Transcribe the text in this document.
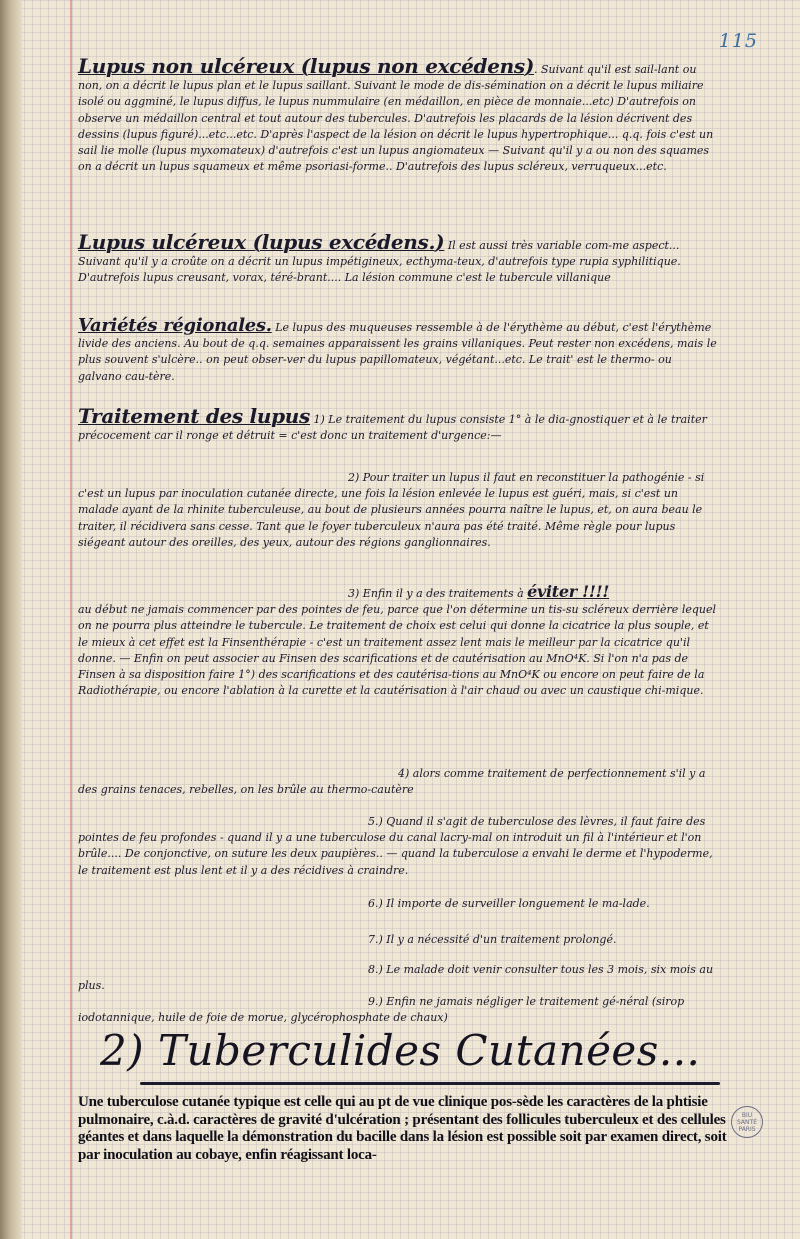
115

Lupus non ulcéreux (lupus non excédens). Suivant qu'il est sail-lant ou non, on a décrit le lupus plan et le lupus saillant. Suivant le mode de dis-sémination on a décrit le lupus miliaire isolé ou aggminé, le lupus diffus, le lupus nummulaire (en médaillon, en pièce de monnaie...etc) D'autrefois on observe un médaillon central et tout autour des tubercules. D'autrefois les placards de la lésion décrivent des dessins (lupus figuré)...etc...etc. D'après l'aspect de la lésion on décrit le lupus hypertrophique... q.q. fois c'est un sail lie molle (lupus myxomateux) d'autrefois c'est un lupus angiomateux — Suivant qu'il y a ou non des squames on a décrit un lupus squameux et même psoriasi-forme.. D'autrefois des lupus scléreux, verruqueux...etc.

Lupus ulcéreux (lupus excédens.) Il est aussi très variable com-me aspect... Suivant qu'il y a croûte on a décrit un lupus impétigineux, ecthyma-teux, d'autrefois type rupia syphilitique. D'autrefois lupus creusant, vorax, téré-brant.... La lésion commune c'est le tubercule villanique

Variétés régionales. Le lupus des muqueuses ressemble à de l'érythème au début, c'est l'érythème livide des anciens. Au bout de q.q. semaines apparaissent les grains villaniques. Peut rester non excédens, mais le plus souvent s'ulcère.. on peut obser-ver du lupus papillomateux, végétant...etc. Le trait' est le thermo- ou galvano cau-tère.

Traitement des lupus 1) Le traitement du lupus consiste 1° à le dia-gnostiquer et à le traiter précocement car il ronge et détruit = c'est donc un traitement d'urgence:—

2) Pour traiter un lupus il faut en reconstituer la pathogénie - si c'est un lupus par inoculation cutanée directe, une fois la lésion enlevée le lupus est guéri, mais, si c'est un malade ayant de la rhinite tuberculeuse, au bout de plusieurs années pourra naître le lupus, et, on aura beau le traiter, il récidivera sans cesse. Tant que le foyer tuberculeux n'aura pas été traité. Même règle pour lupus siégeant autour des oreilles, des yeux, autour des régions ganglionnaires.

3) Enfin il y a des traitements à éviter !!!!
au début ne jamais commencer par des pointes de feu, parce que l'on détermine un tis-su scléreux derrière lequel on ne pourra plus atteindre le tubercule. Le traitement de choix est celui qui donne la cicatrice la plus souple, et le mieux à cet effet est la Finsenthérapie - c'est un traitement assez lent mais le meilleur par la cicatrice qu'il donne. — Enfin on peut associer au Finsen des scarifications et de cautérisation au MnO⁴K. Si l'on n'a pas de Finsen à sa disposition faire 1°) des scarifications et des cautérisa-tions au MnO⁴K ou encore on peut faire de la Radiothérapie, ou encore l'ablation à la curette et la cautérisation à l'air chaud ou avec un caustique chi-mique.

4) alors comme traitement de perfectionnement s'il y a des grains tenaces, rebelles, on les brûle au thermo-cautère

5.) Quand il s'agit de tuberculose des lèvres, il faut faire des pointes de feu profondes - quand il y a une tuberculose du canal lacry-mal on introduit un fil à l'intérieur et l'on brûle.... De conjonctive, on suture les deux paupières.. — quand la tuberculose a envahi le derme et l'hypoderme, le traitement est plus lent et il y a des récidives à craindre.

6.) Il importe de surveiller longuement le ma-lade.

7.) Il y a nécessité d'un traitement prolongé.

8.) Le malade doit venir consulter tous les 3 mois, six mois au plus.

9.) Enfin ne jamais négliger le traitement gé-néral (sirop iodotannique, huile de foie de morue, glycérophosphate de chaux)

2) Tuberculides Cutanées...

Une tuberculose cutanée typique est celle qui au pt de vue clinique pos-sède les caractères de la phtisie pulmonaire, c.à.d. caractères de gravité d'ulcération ; présentant des follicules tuberculeux et des cellules géantes et dans laquelle la démonstration du bacille dans la lésion est possible soit par examen direct, soit par inoculation au cobaye, enfin réagissant loca-

BIU
SANTÉ
PARIS
